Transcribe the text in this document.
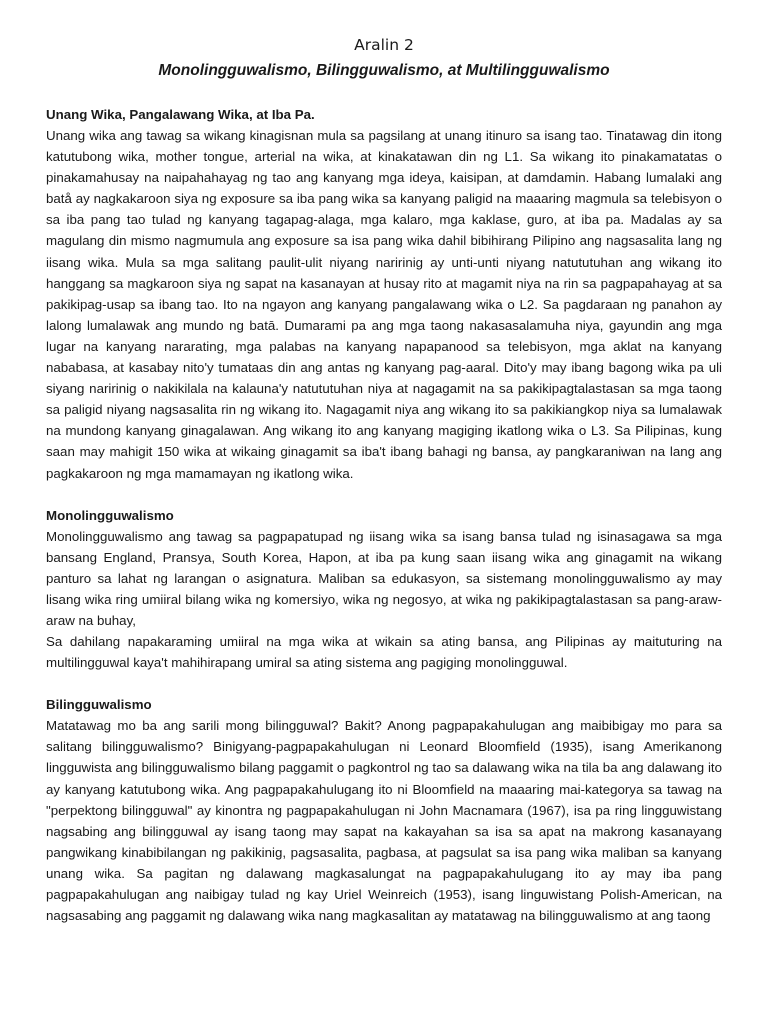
Aralin 2
Monolingguwalismo, Bilingguwalismo, at Multilingguwalismo

Unang Wika, Pangalawang Wika, at Iba Pa.

Unang wika ang tawag sa wikang kinagisnan mula sa pagsilang at unang itinuro sa isang tao. Tinatawag din itong katutubong wika, mother tongue, arterial na wika, at kinakatawan din ng L1. Sa wikang ito pinakamatatas o pinakamahusay na naipahahayag ng tao ang kanyang mga ideya, kaisipan, at damdamin. Habang lumalaki ang batå ay nagkakaroon siya ng exposure sa iba pang wika sa kanyang paligid na maaaring magmula sa telebisyon o sa iba pang tao tulad ng kanyang tagapag-alaga, mga kalaro, mga kaklase, guro, at iba pa. Madalas ay sa magulang din mismo nagmumula ang exposure sa isa pang wika dahil bibihirang Pilipino ang nagsasalita lang ng iisang wika. Mula sa mga salitang paulit-ulit niyang naririnig ay unti-unti niyang natututuhan ang wikang ito hanggang sa magkaroon siya ng sapat na kasanayan at husay rito at magamit niya na rin sa pagpapahayag at sa pakikipag-usap sa ibang tao. Ito na ngayon ang kanyang pangalawang wika o L2. Sa pagdaraan ng panahon ay lalong lumalawak ang mundo ng batā. Dumarami pa ang mga taong nakasasalamuha niya, gayundin ang mga lugar na kanyang nararating, mga palabas na kanyang napapanood sa telebisyon, mga aklat na kanyang nababasa, at kasabay nito'y tumataas din ang antas ng kanyang pag-aaral. Dito'y may ibang bagong wika pa uli siyang naririnig o nakikilala na kalauna'y natututuhan niya at nagagamit na sa pakikipagtalastasan sa mga taong sa paligid niyang nagsasalita rin ng wikang ito. Nagagamit niya ang wikang ito sa pakikiangkop niya sa lumalawak na mundong kanyang ginagalawan. Ang wikang ito ang kanyang magiging ikatlong wika o L3. Sa Pilipinas, kung saan may mahigit 150 wika at wikaing ginagamit sa iba't ibang bahagi ng bansa, ay pangkaraniwan na lang ang pagkakaroon ng mga mamamayan ng ikatlong wika.

Monolingguwalismo

Monolingguwalismo ang tawag sa pagpapatupad ng iisang wika sa isang bansa tulad ng isinasagawa sa mga bansang England, Pransya, South Korea, Hapon, at iba pa kung saan iisang wika ang ginagamit na wikang panturo sa lahat ng larangan o asignatura. Maliban sa edukasyon, sa sistemang monolingguwalismo ay may lisang wika ring umiiral bilang wika ng komersiyo, wika ng negosyo, at wika ng pakikipagtalastasan sa pang-araw-araw na buhay,

Sa dahilang napakaraming umiiral na mga wika at wikain sa ating bansa, ang Pilipinas ay maituturing na multilingguwal kaya't mahihirapang umiral sa ating sistema ang pagiging monolingguwal.

Bilingguwalismo

Matatawag mo ba ang sarili mong bilingguwal? Bakit? Anong pagpapakahulugan ang maibibigay mo para sa salitang bilingguwalismo? Binigyang-pagpapakahulugan ni Leonard Bloomfield (1935), isang Amerikanong lingguwista ang bilingguwalismo bilang paggamit o pagkontrol ng tao sa dalawang wika na tila ba ang dalawang ito ay kanyang katutubong wika. Ang pagpapakahulugang ito ni Bloomfield na maaaring mai-kategorya sa tawag na "perpektong bilingguwal" ay kinontra ng pagpapakahulugan ni John Macnamara (1967), isa pa ring lingguwistang nagsabing ang bilingguwal ay isang taong may sapat na kakayahan sa isa sa apat na makrong kasanayang pangwikang kinabibilangan ng pakikinig, pagsasalita, pagbasa, at pagsulat sa isa pang wika maliban sa kanyang unang wika. Sa pagitan ng dalawang magkasalungat na pagpapakahulugang ito ay may iba pang pagpapakahulugan ang naibigay tulad ng kay Uriel Weinreich (1953), isang linguwistang Polish-American, na nagsasabing ang paggamit ng dalawang wika nang magkasalitan ay matatawag na bilingguwalismo at ang taong
